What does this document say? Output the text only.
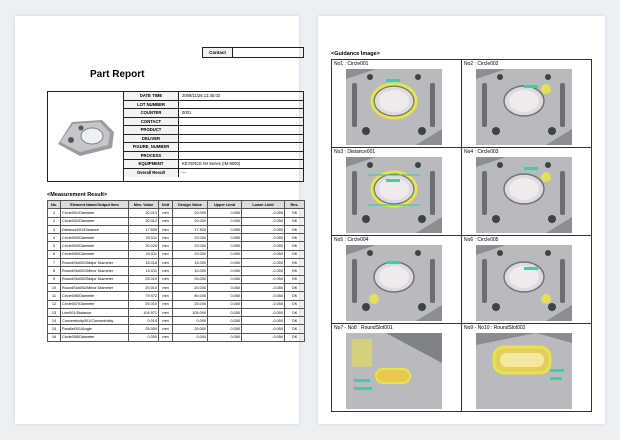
Part Report
Contact
DATE TIME	2008/11/26 13:45:02
LOT NUMBER
COUNTER	0001
CONTACT
PRODUCT
DELIVER
FIGURE_NUMBER
PROCESS
EQUIPMENT	KEYENCE IM Series (IM-8000)
Overall Result	---
<Measurement Result>
No.	Element Name/Output Item	Mes. Value	Unit	Design Value	Upper Limit	Lower Limit	Res.
1	Circle001/Diameter	20.013	mm	20.000	0.050	-0.050	OK
2	Circle002/Diameter	20.012	mm	20.000	0.050	-0.050	OK
3	Distance001/Distance	17.509	mm	17.500	0.050	-0.050	OK
4	Circle003/Diameter	20.011	mm	20.000	0.050	-0.050	OK
5	Circle004/Diameter	20.020	mm	20.000	0.050	-0.050	OK
6	Circle005/Diameter	20.011	mm	20.000	0.050	-0.050	OK
7	RoundSlot001/Major Diameter	15.018	mm	15.000	0.050	-0.050	OK
8	RoundSlot001/Minor Diameter	10.011	mm	10.000	0.050	-0.050	OK
9	RoundSlot002/Major Diameter	25.019	mm	25.000	0.050	-0.050	OK
10	RoundSlot002/Minor Diameter	20.010	mm	20.000	0.050	-0.050	OK
11	Circle006/Diameter	79.972	mm	80.000	0.050	-0.050	OK
12	Circle007/Diameter	25.010	mm	25.000	0.050	-0.050	OK
13	Line001/Distance	104.971	mm	105.000	0.050	-0.050	OK
14	Concentricity001/Concentricity	0.014	mm	0.000	0.050	-0.050	OK
15	Parallel001/Angle	25.009	mm	25.000	0.050	-0.050	OK
16	Circle008/Diameter	0.000	mm	0.000	0.050	-0.050	OK
<Guidance Image>
No1 : Circle001	No2 : Circle002
No3 : Distance001	No4 : Circle003
No5 : Circle004	No6 : Circle005
No7 - No8 : RoundSlot001	No9 - No10 : RoundSlot002
